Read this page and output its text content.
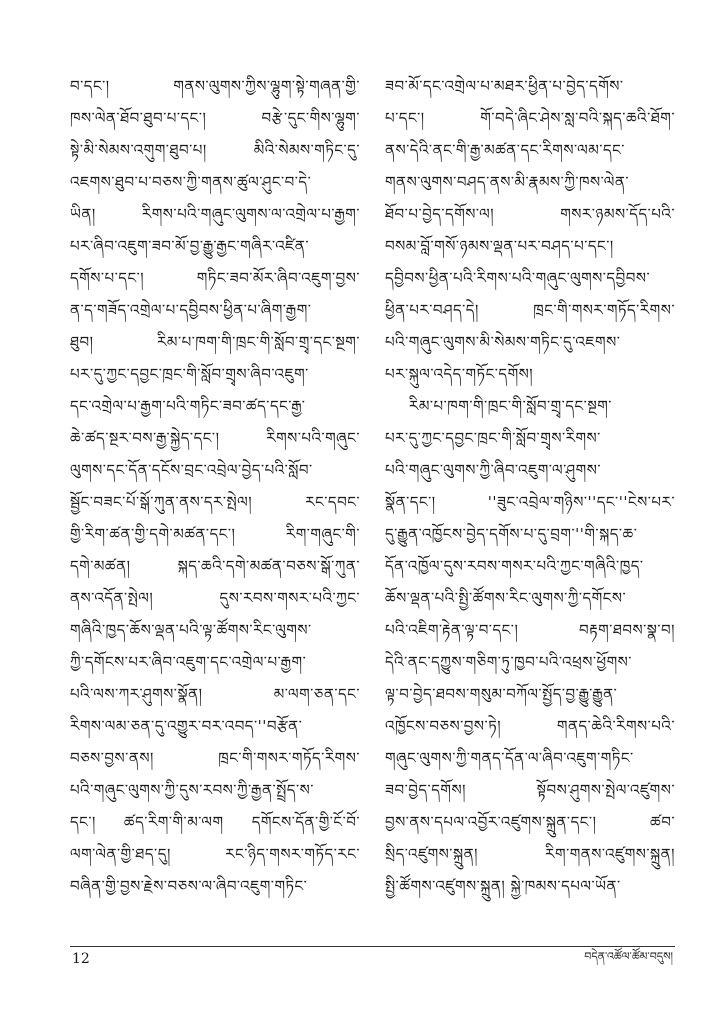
བ་དང་། གནས་ལུགས་ཀྱིས་ལྷུག་སྟེ་གཞན་གྱི་
ཁས་ལེན་ཐོབ་ཐུབ་པ་དང་། བརྩེ་དུང་གིས་ལྷུག་
སྟེ་མི་སེམས་འགུག་ཐུབ་པ། མིའི་སེམས་གཏིང་དུ་
འཇགས་ཐུབ་པ་བཅས་ཀྱི་གནས་ཚུལ་ཤུང་བ་དེ་
ཡིན། རིགས་པའི་གཞུང་ལུགས་ལ་འགྲེལ་པ་རྒྱག་
པར་ཞིབ་འཇུག་ཟབ་མོ་བྱ་རྒྱུ་རྒྱང་གཞིར་འཛིན་
དགོས་པ་དང་། གཏིང་ཟབ་མོར་ཞིབ་འཇུག་བྱས་
ན་ད་གཟོད་འགྲེལ་པ་དབྱིབས་ཕྱིན་པ་ཞིག་རྒྱག་
ཐུབ། རིམ་པ་ཁག་གི་ཁྲང་གི་སློབ་གྲྭ་དང་སྔག་
པར་དུ་ཀྱང་དབྱང་ཁྲང་གི་སློབ་གྲྭས་ཞིབ་འཇུག་
དང་འགྲེལ་པ་རྒྱག་པའི་གཏིང་ཟབ་ཚད་དང་རྒྱ་
ཆེ་ཚད་སྔར་བས་རྒྱ་སྐྱེད་དང་། རིགས་པའི་གཞུང་
ལུགས་དང་དོན་དངོས་བྲང་འབྲེལ་བྱེད་པའི་སློབ་
སྦྱོང་བཟང་པོ་སྒོ་ཀུན་ནས་དར་སྤེལ། རང་དབང་
གྱི་རིག་ཚན་གྱི་དགེ་མཚན་དང་། རིག་གཞུང་གི་
དགེ་མཚན། སྐད་ཆའི་དགེ་མཚན་བཅས་སྒོ་ཀུན་
ནས་འདོན་སྤེལ། དུས་རབས་གསར་པའི་ཀྱང་
གཞིའི་ཁྱད་ཆོས་ལྡན་པའི་ལྟ་ཚོགས་རིང་ལུགས་
ཀྱི་དགོངས་པར་ཞིབ་འཇུག་དང་འགྲེལ་པ་རྒྱག་
པའི་ལས་ཀར་ཤུགས་སྣོན། མ་ལག་ཅན་དང་
རིགས་ལམ་ཅན་དུ་འགྱུར་བར་འབད་''བརྩོན་
བཅས་བྱས་ནས། ཁྲང་གི་གསར་གཏོད་རིགས་
པའི་གཞུང་ལུགས་ཀྱི་དུས་རབས་ཀྱི་རྒྱན་སྤྲོད་ས་
དང་། ཚད་རིག་གི་མ་ལག དགོངས་དོན་གྱི་ངོ་བོ་
ལག་ལེན་གྱི་ཐད་དུ། རང་ཉིད་གསར་གཏོད་རང་
བཞིན་གྱི་བྱས་རྗེས་བཅས་ལ་ཞིབ་འཇུག་གཏིང་
ཟབ་མོ་དང་འགྲེལ་པ་མཐར་ཕྱིན་པ་བྱེད་དགོས་
པ་དང་། གོ་བདེ་ཞིང་ཤེས་སླ་བའི་སྐད་ཆའི་ཐོག་
ནས་དེའི་ནང་གི་རྒྱ་མཚན་དང་རིགས་ལམ་དང་
གནས་ལུགས་བཤད་ནས་མི་རྣམས་ཀྱི་ཁས་ལེན་
ཐོབ་པ་བྱེད་དགོས་ལ། གསར་ཉམས་དོད་པའི་
བསམ་བློ་གསོ་ཉམས་ལྡན་པར་བཤད་པ་དང་།
དབྱིབས་ཕྱིན་པའི་རིགས་པའི་གཞུང་ལུགས་དབྱིབས་
ཕྱིན་པར་བཤད་དེ། ཁྲང་གི་གསར་གཏོད་རིགས་
པའི་གཞུང་ལུགས་མི་སེམས་གཏིང་དུ་འཇགས་
པར་སྐུལ་འདེད་གཏོང་དགོས།
རིམ་པ་ཁག་གི་ཁྲང་གི་སློབ་གྲྭ་དང་སྔག་
པར་དུ་ཀྱང་དབྱང་ཁྲང་གི་སློབ་གྲྭས་རིགས་
པའི་གཞུང་ལུགས་ཀྱི་ཞིབ་འཇུག་ལ་ཤུགས་
སྣོན་དང་། ''ཟུང་འབྲེལ་གཉིས་''དང་''ངེས་པར་
དུ་རྒྱུན་འཁྱོངས་བྱེད་དགོས་པ་དུ་བྲག་''གི་སྐད་ཆ་
དོན་འཁྱོལ་དུས་རབས་གསར་པའི་ཀྱང་གཞིའི་ཁྱད་
ཆོས་ལྡན་པའི་སྤྱི་ཚོགས་རིང་ལུགས་ཀྱི་དགོངས་
པའི་འཇིག་རྟེན་ལྟ་བ་དང་། བརྟག་ཐབས་སྣ་བ།
དེའི་ནང་དཀྱུས་གཅིག་ཏུ་ཁྱབ་པའི་འཕྲས་ཕྱོགས་
ལྟ་བ་བྱེད་ཐབས་གསུམ་བཀོལ་སྤྱོད་བྱ་རྒྱུ་རྒྱུན་
འཁྱོངས་བཅས་བྱས་ཏེ། གནད་ཆེའི་རིགས་པའི་
གཞུང་ལུགས་ཀྱི་གནད་དོན་ལ་ཞིབ་འཇུག་གཏིང་
ཟབ་བྱེད་དགོས། སྟོབས་ཤུགས་སྤེལ་འཛུགས་
བྱས་ནས་དཔལ་འབྱོར་འཛུགས་སྐྲུན་དང་། ཚབ་
སྲིད་འཛུགས་སྐྲུན། རིག་གནས་འཛུགས་སྐྲུན།
སྤྱི་ཚོགས་འཛུགས་སྐྲུན། སྐྱེ་ཁམས་དཔལ་ཡོན་
12	བདེན་འཚོལ་ཚོམ་བདུས།
